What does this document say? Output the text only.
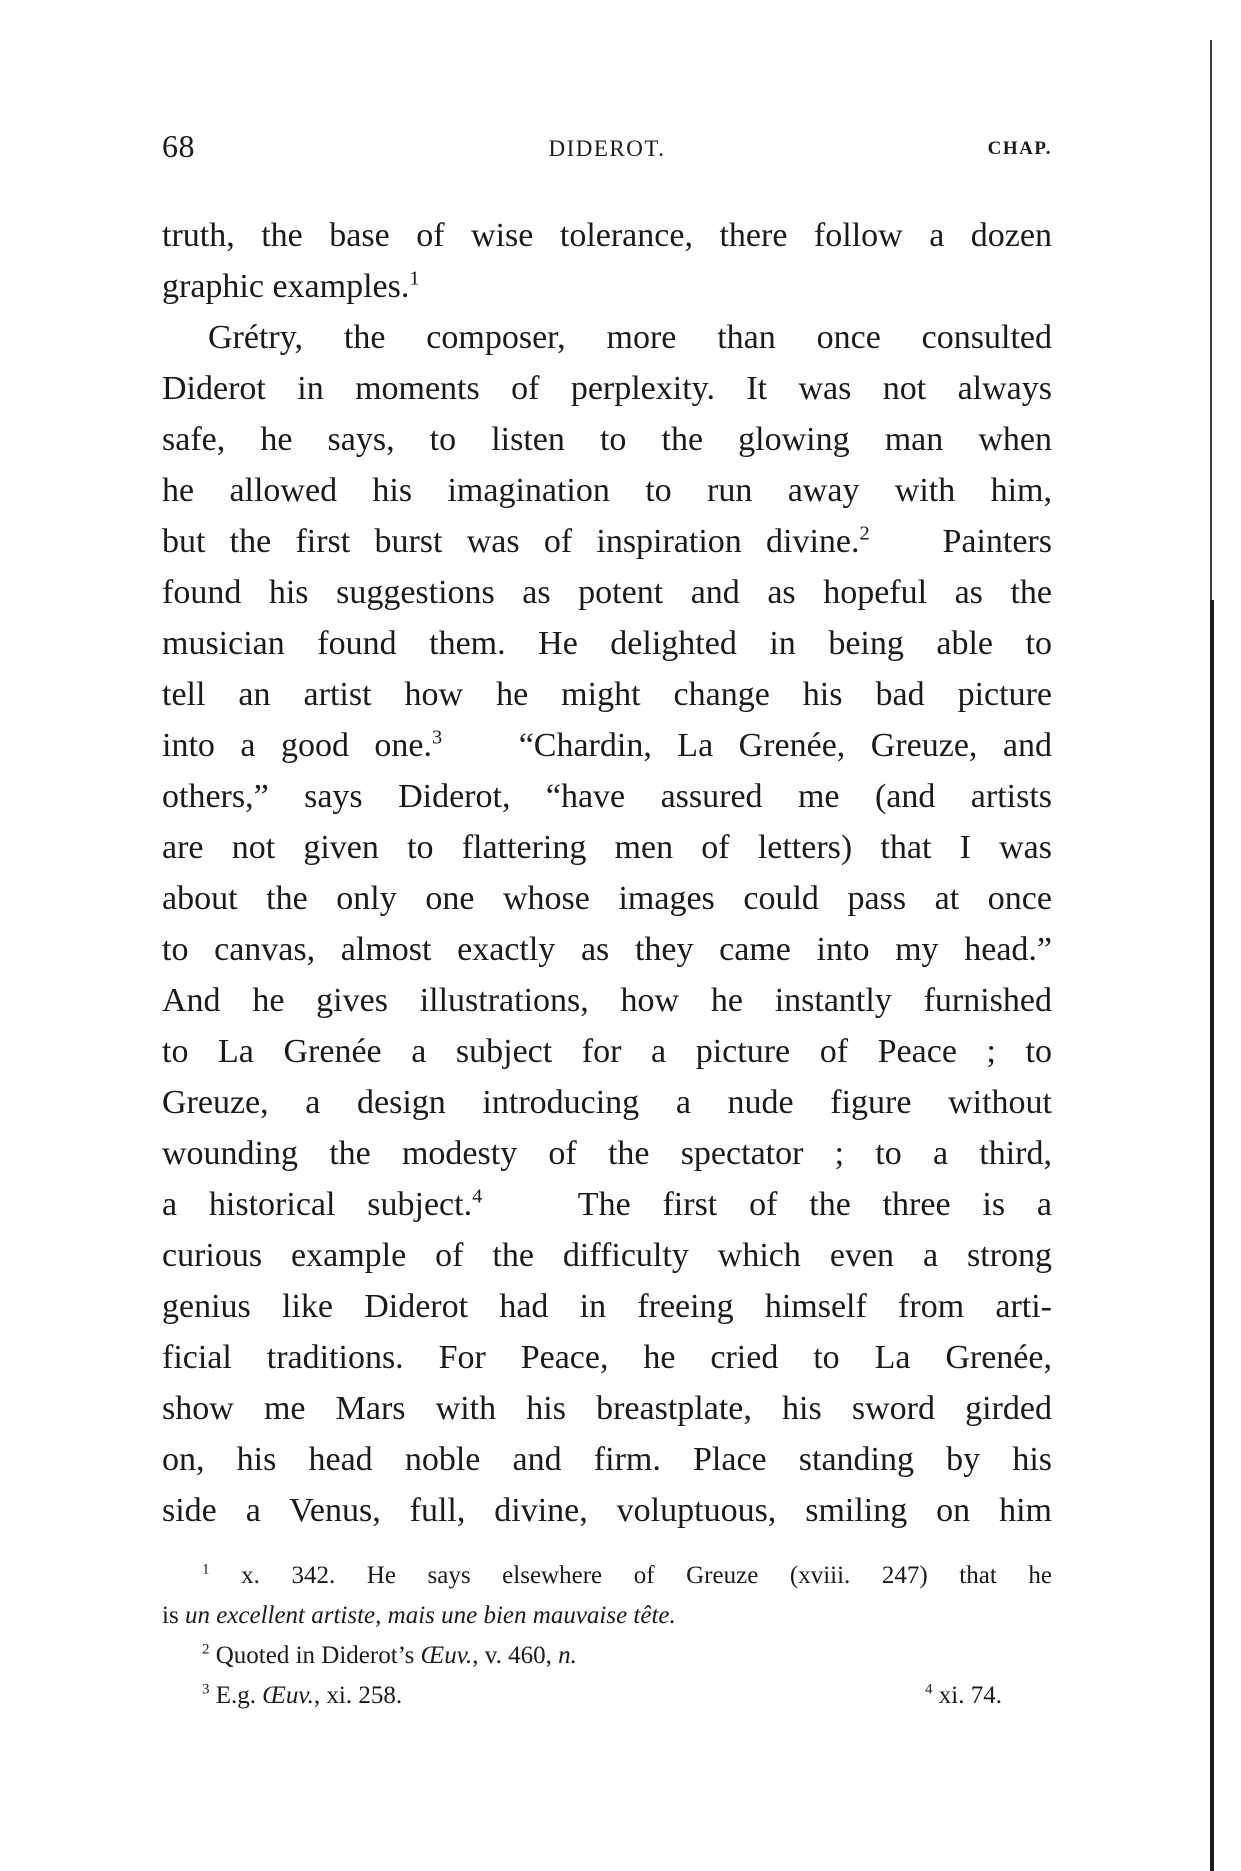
68	DIDEROT.	CHAP.
truth, the base of wise tolerance, there follow a dozen
graphic examples.$^1$
Grétry, the composer, more than once consulted
Diderot in moments of perplexity. It was not always
safe, he says, to listen to the glowing man when
he allowed his imagination to run away with him,
but the first burst was of inspiration divine.$^2$ Painters
found his suggestions as potent and as hopeful as the
musician found them. He delighted in being able to
tell an artist how he might change his bad picture
into a good one.$^3$ “Chardin, La Grenée, Greuze, and
others,” says Diderot, “have assured me (and artists
are not given to flattering men of letters) that I was
about the only one whose images could pass at once
to canvas, almost exactly as they came into my head.”
And he gives illustrations, how he instantly furnished
to La Grenée a subject for a picture of Peace ; to
Greuze, a design introducing a nude figure without
wounding the modesty of the spectator ; to a third,
a historical subject.$^4$	The first of the three is a
curious example of the difficulty which even a strong
genius like Diderot had in freeing himself from arti-
ficial traditions. For Peace, he cried to La Grenée,
show me Mars with his breastplate, his sword girded
on, his head noble and firm. Place standing by his
side a Venus, full, divine, voluptuous, smiling on him
$^1$ x. 342. He says elsewhere of Greuze (xviii. 247) that he
is un excellent artiste, mais une bien mauvaise tête.
$^2$ Quoted in Diderot’s Œuv., v. 460, n.
$^3$ E.g. Œuv., xi. 258.	$^4$ xi. 74.
